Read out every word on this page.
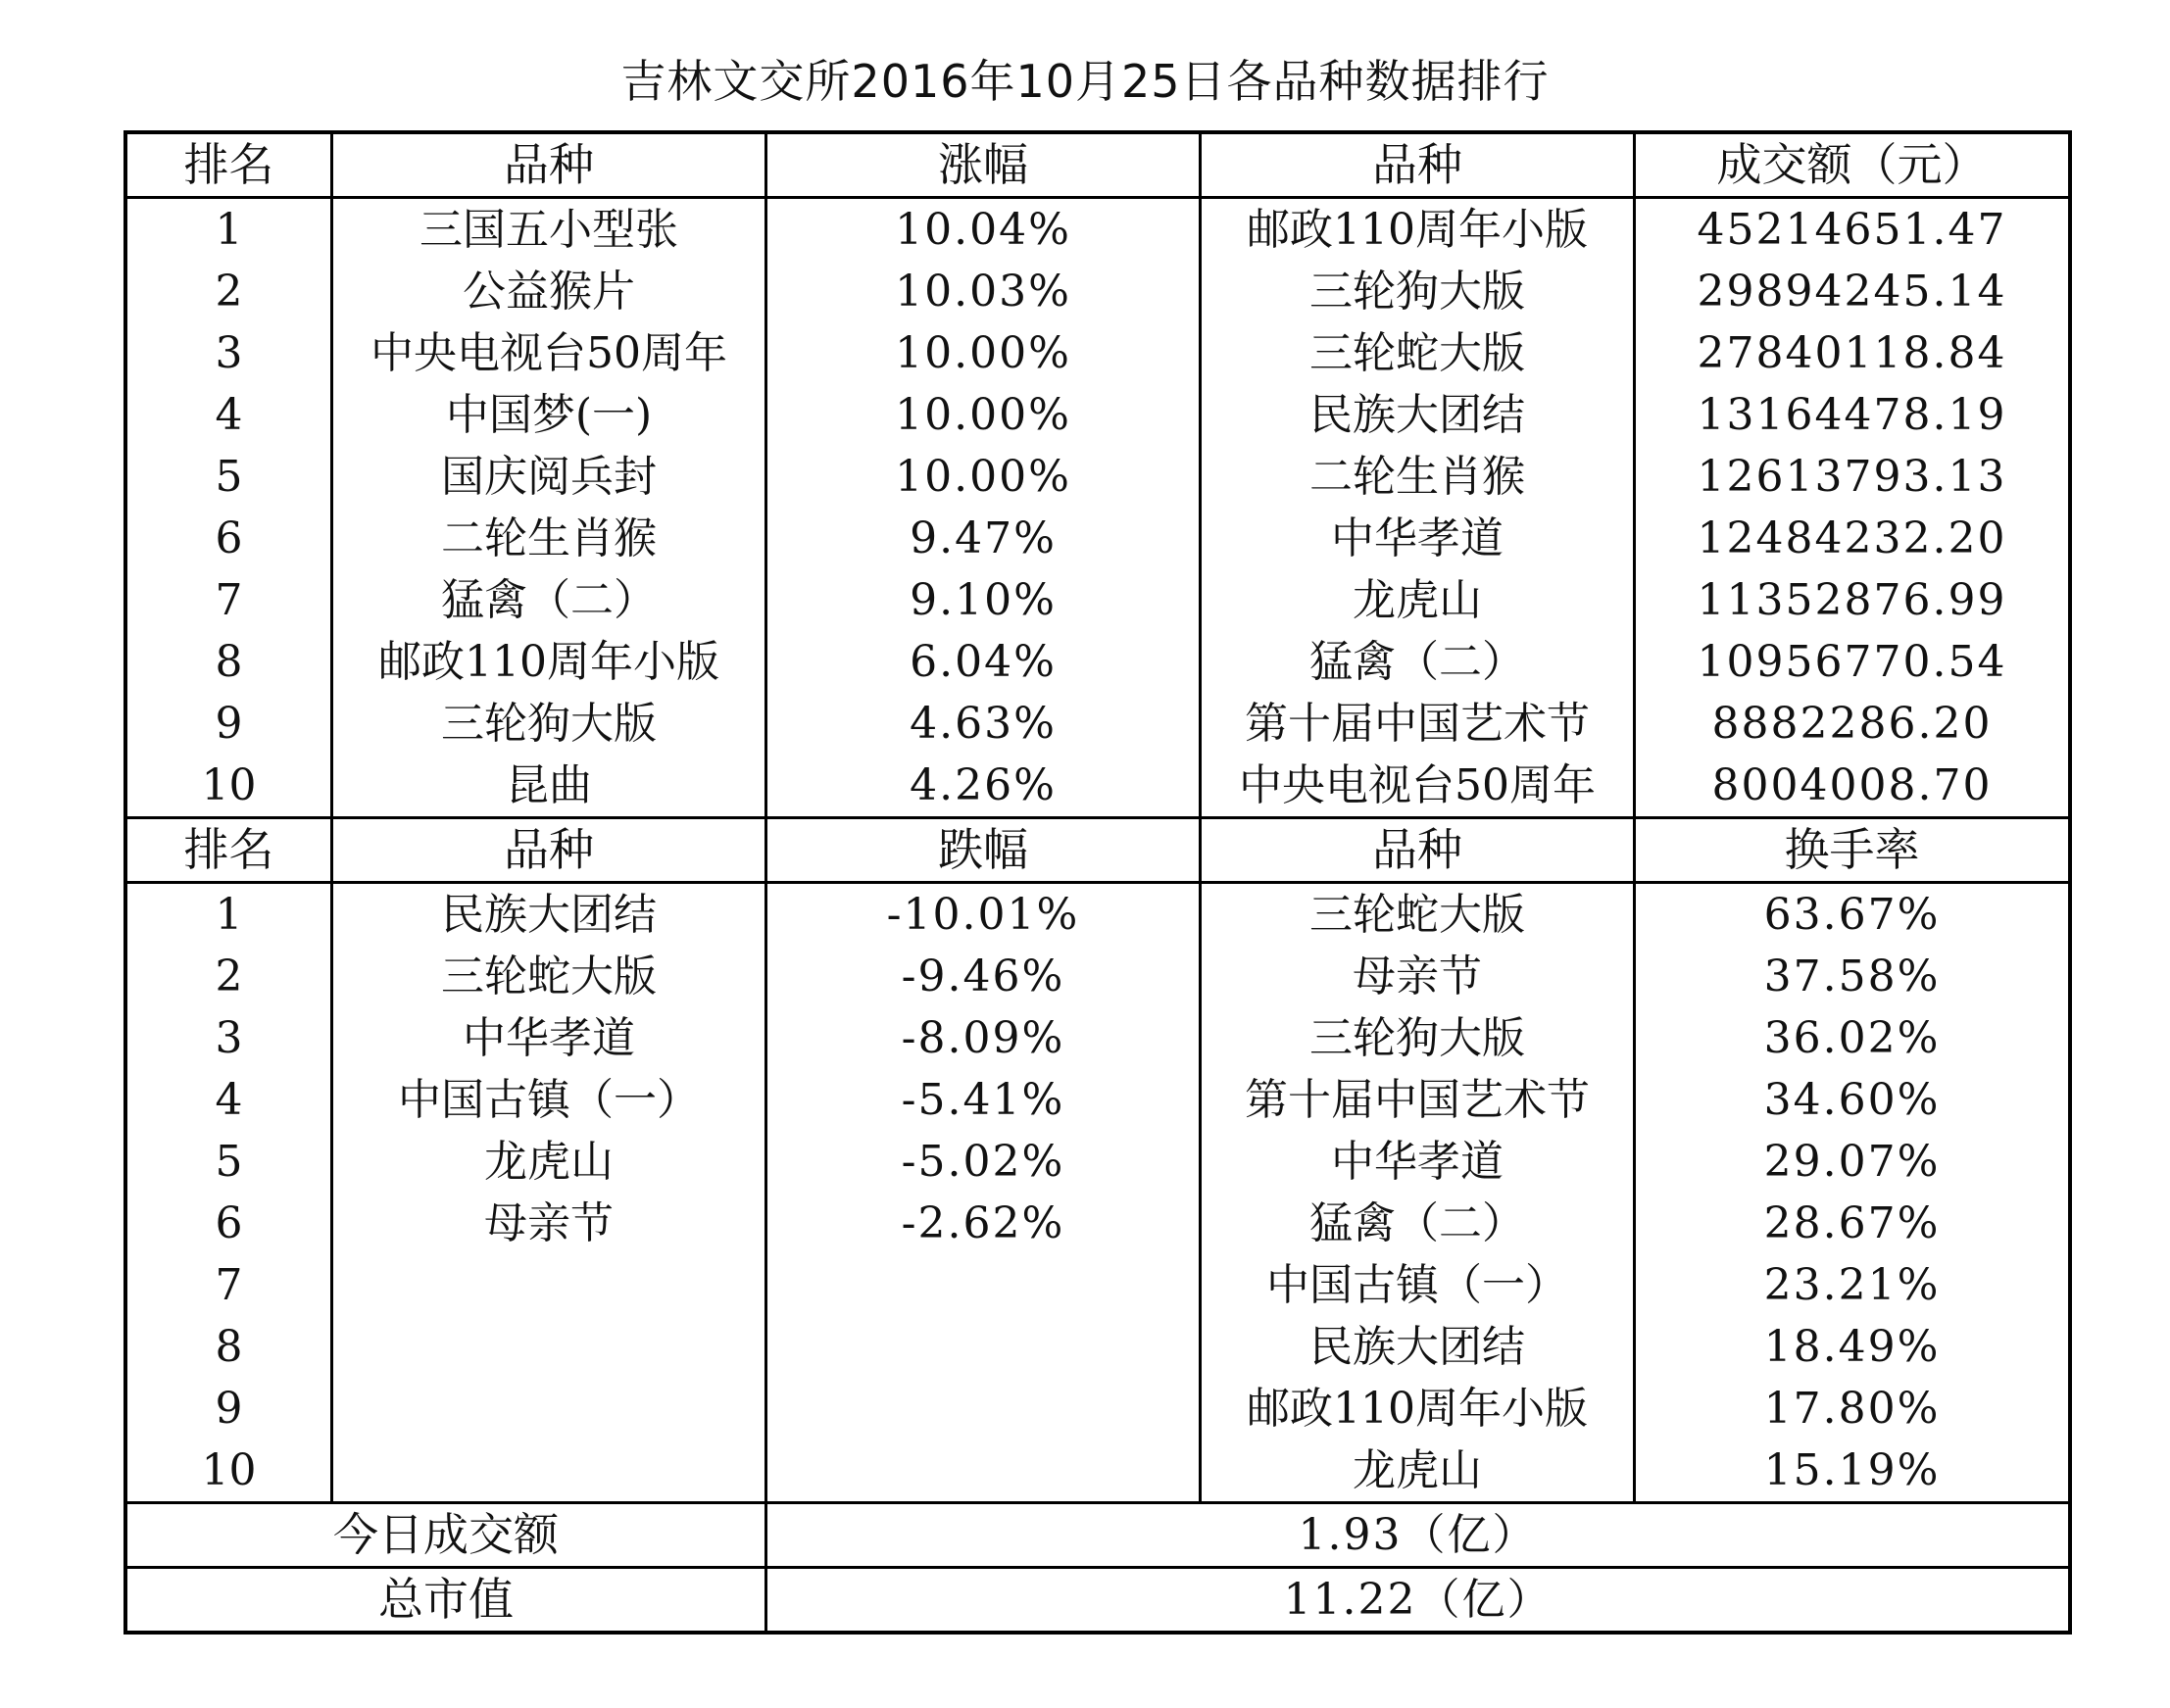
吉林文交所2016年10月25日各品种数据排行
排名	品种	涨幅	品种	成交额（元）
1	三国五小型张	10.04%	邮政110周年小版	45214651.47
2	公益猴片	10.03%	三轮狗大版	29894245.14
3	中央电视台50周年	10.00%	三轮蛇大版	27840118.84
4	中国梦(一)	10.00%	民族大团结	13164478.19
5	国庆阅兵封	10.00%	二轮生肖猴	12613793.13
6	二轮生肖猴	9.47%	中华孝道	12484232.20
7	猛禽（二）	9.10%	龙虎山	11352876.99
8	邮政110周年小版	6.04%	猛禽（二）	10956770.54
9	三轮狗大版	4.63%	第十届中国艺术节	8882286.20
10	昆曲	4.26%	中央电视台50周年	8004008.70
排名	品种	跌幅	品种	换手率
1	民族大团结	-10.01%	三轮蛇大版	63.67%
2	三轮蛇大版	-9.46%	母亲节	37.58%
3	中华孝道	-8.09%	三轮狗大版	36.02%
4	中国古镇（一）	-5.41%	第十届中国艺术节	34.60%
5	龙虎山	-5.02%	中华孝道	29.07%
6	母亲节	-2.62%	猛禽（二）	28.67%
7			中国古镇（一）	23.21%
8			民族大团结	18.49%
9			邮政110周年小版	17.80%
10			龙虎山	15.19%
今日成交额		1.93（亿）		
总市值		11.22（亿）		
